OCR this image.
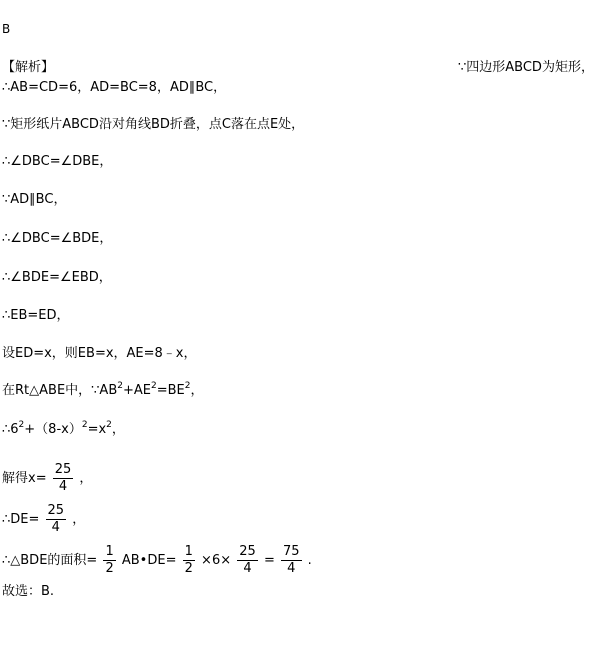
B
【解析】	∵四边形ABCD为矩形，
∴AB=CD=6，AD=BC=8，AD∥BC，
∵矩形纸片ABCD沿对角线BD折叠，点C落在点E处，
∴∠DBC=∠DBE，
∵AD∥BC，
∴∠DBC=∠BDE，
∴∠BDE=∠EBD，
∴EB=ED，
设ED=x，则EB=x，AE=8﹣x，
在Rt△ABE中，$\because AB^2+AE^2=BE^2$，
$\therefore 6^2+(8-x)^2=x^2$，
解得$x= \frac{25}{4}$ ，
∴DE= $\frac{25}{4}$ ，
∴△BDE的面积= $\frac{1}{2}$ AB•DE= $\frac{1}{2} \times 6\times \frac{25}{4} = \frac{75}{4}$ .
故选：B.
